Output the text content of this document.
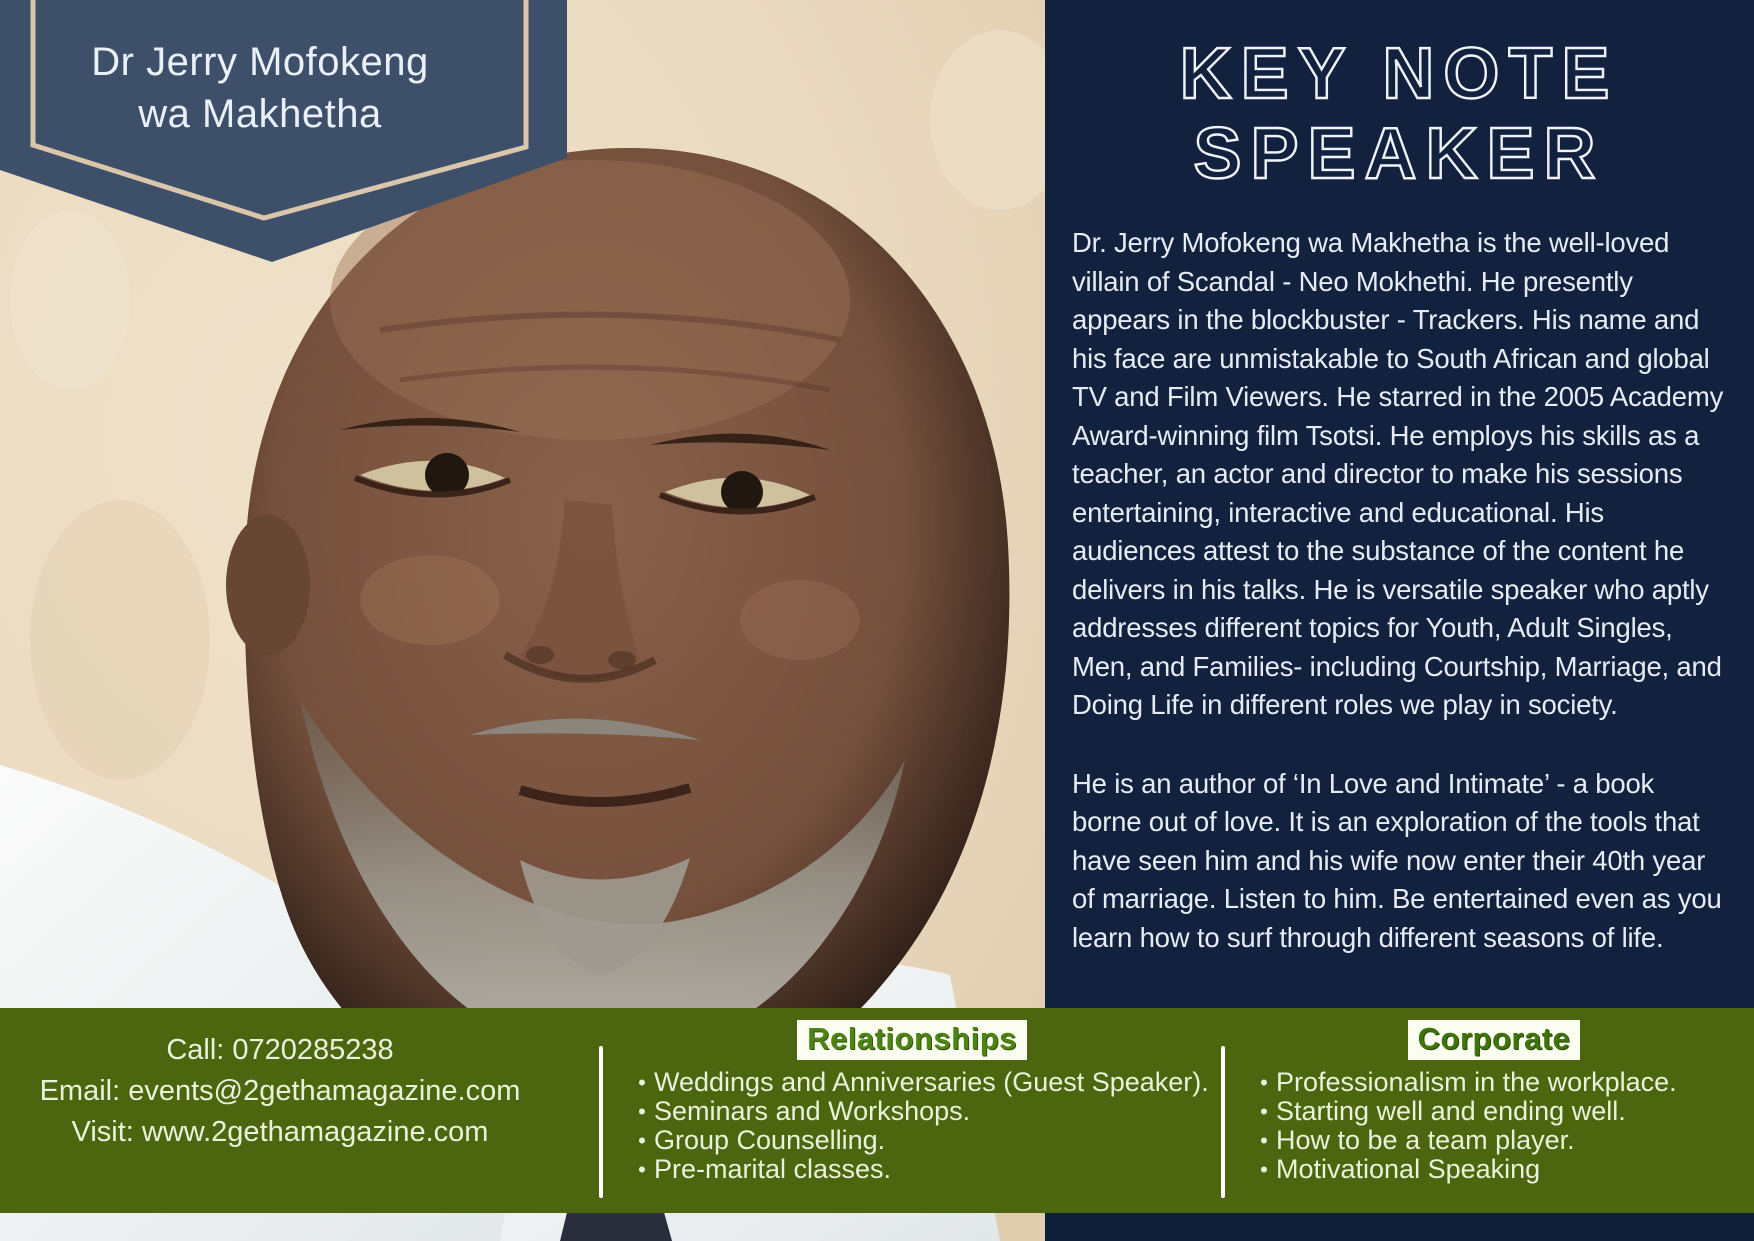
KEY NOTE
SPEAKER

Dr. Jerry Mofokeng wa Makhetha is the well-loved villain of Scandal - Neo Mokhethi. He presently appears in the blockbuster - Trackers. His name and his face are unmistakable to South African and global TV and Film Viewers. He starred in the 2005 Academy Award-winning film Tsotsi. He employs his skills as a teacher, an actor and director to make his sessions entertaining, interactive and educational. His audiences attest to the substance of the content he delivers in his talks. He is versatile speaker who aptly addresses different topics for Youth, Adult Singles, Men, and Families- including Courtship, Marriage, and Doing Life in different roles we play in society.

He is an author of ‘In Love and Intimate’ - a book borne out of love. It is an exploration of the tools that have seen him and his wife now enter their 40th year of marriage. Listen to him. Be entertained even as you learn how to surf through different seasons of life.

Call: 0720285238
Email: events@2gethamagazine.com
Visit: www.2gethamagazine.com
Relationships
• Weddings and Anniversaries (Guest Speaker).
• Seminars and Workshops.
• Group Counselling.
• Pre-marital classes.
Corporate
• Professionalism in the workplace.
• Starting well and ending well.
• How to be a team player.
• Motivational Speaking
Dr Jerry Mofokeng
wa Makhetha
